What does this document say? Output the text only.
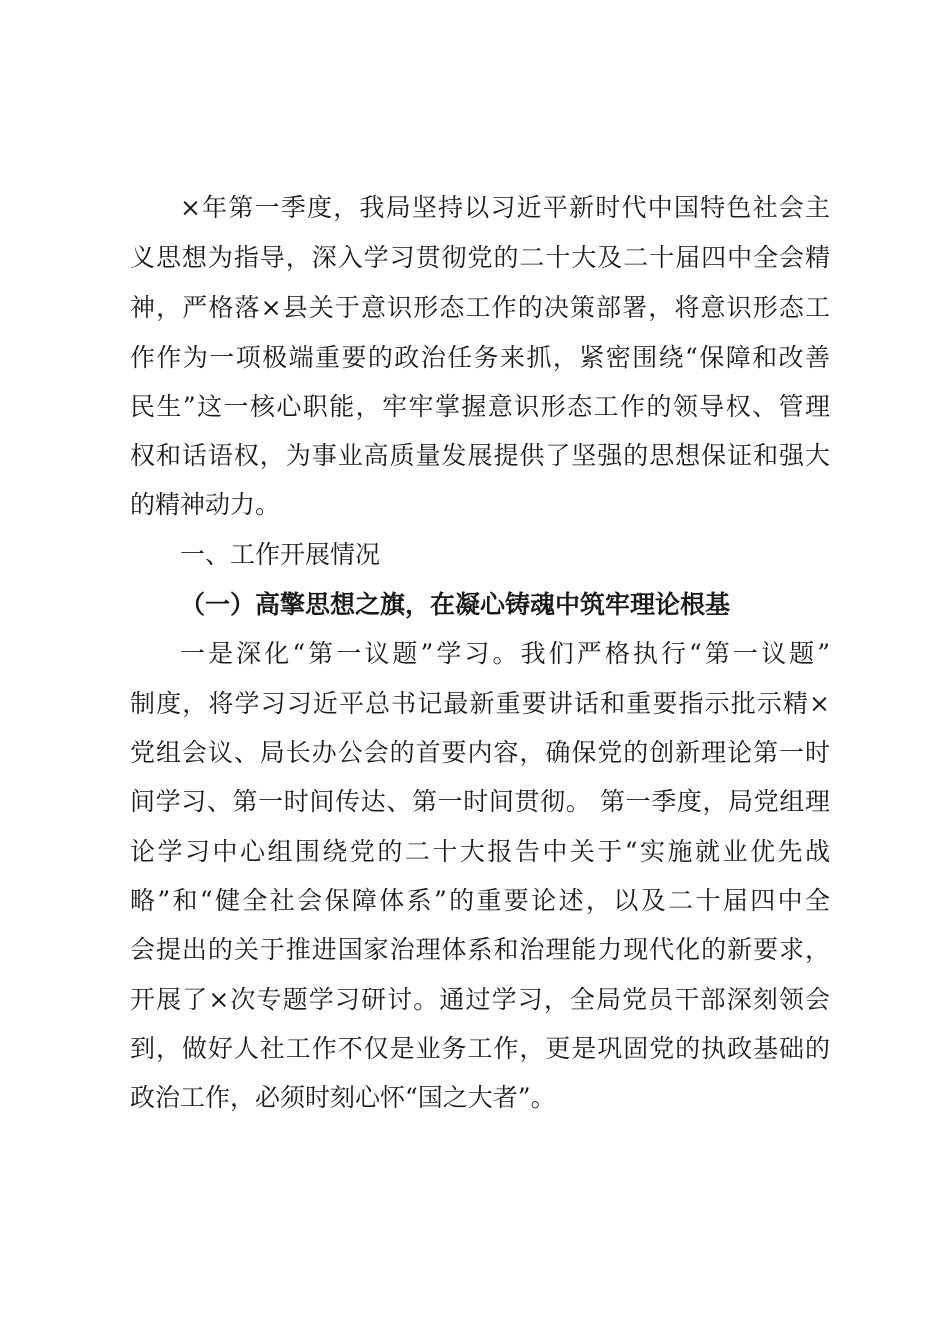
×年第一季度，我局坚持以习近平新时代中国特色社会主
义思想为指导，深入学习贯彻党的二十大及二十届四中全会精
神，严格落×县关于意识形态工作的决策部署，将意识形态工
作作为一项极端重要的政治任务来抓，紧密围绕“保障和改善
民生”这一核心职能，牢牢掌握意识形态工作的领导权、管理
权和话语权，为事业高质量发展提供了坚强的思想保证和强大
的精神动力。
一、工作开展情况
（一）高擎思想之旗，在凝心铸魂中筑牢理论根基
一是深化“第一议题”学习。我们严格执行“第一议题”
制度，将学习习近平总书记最新重要讲话和重要指示批示精×
党组会议、局长办公会的首要内容，确保党的创新理论第一时
间学习、第一时间传达、第一时间贯彻。 第一季度，局党组理
论学习中心组围绕党的二十大报告中关于“实施就业优先战
略”和“健全社会保障体系”的重要论述，以及二十届四中全
会提出的关于推进国家治理体系和治理能力现代化的新要求，
开展了×次专题学习研讨。通过学习，全局党员干部深刻领会
到，做好人社工作不仅是业务工作，更是巩固党的执政基础的
政治工作，必须时刻心怀“国之大者”。
